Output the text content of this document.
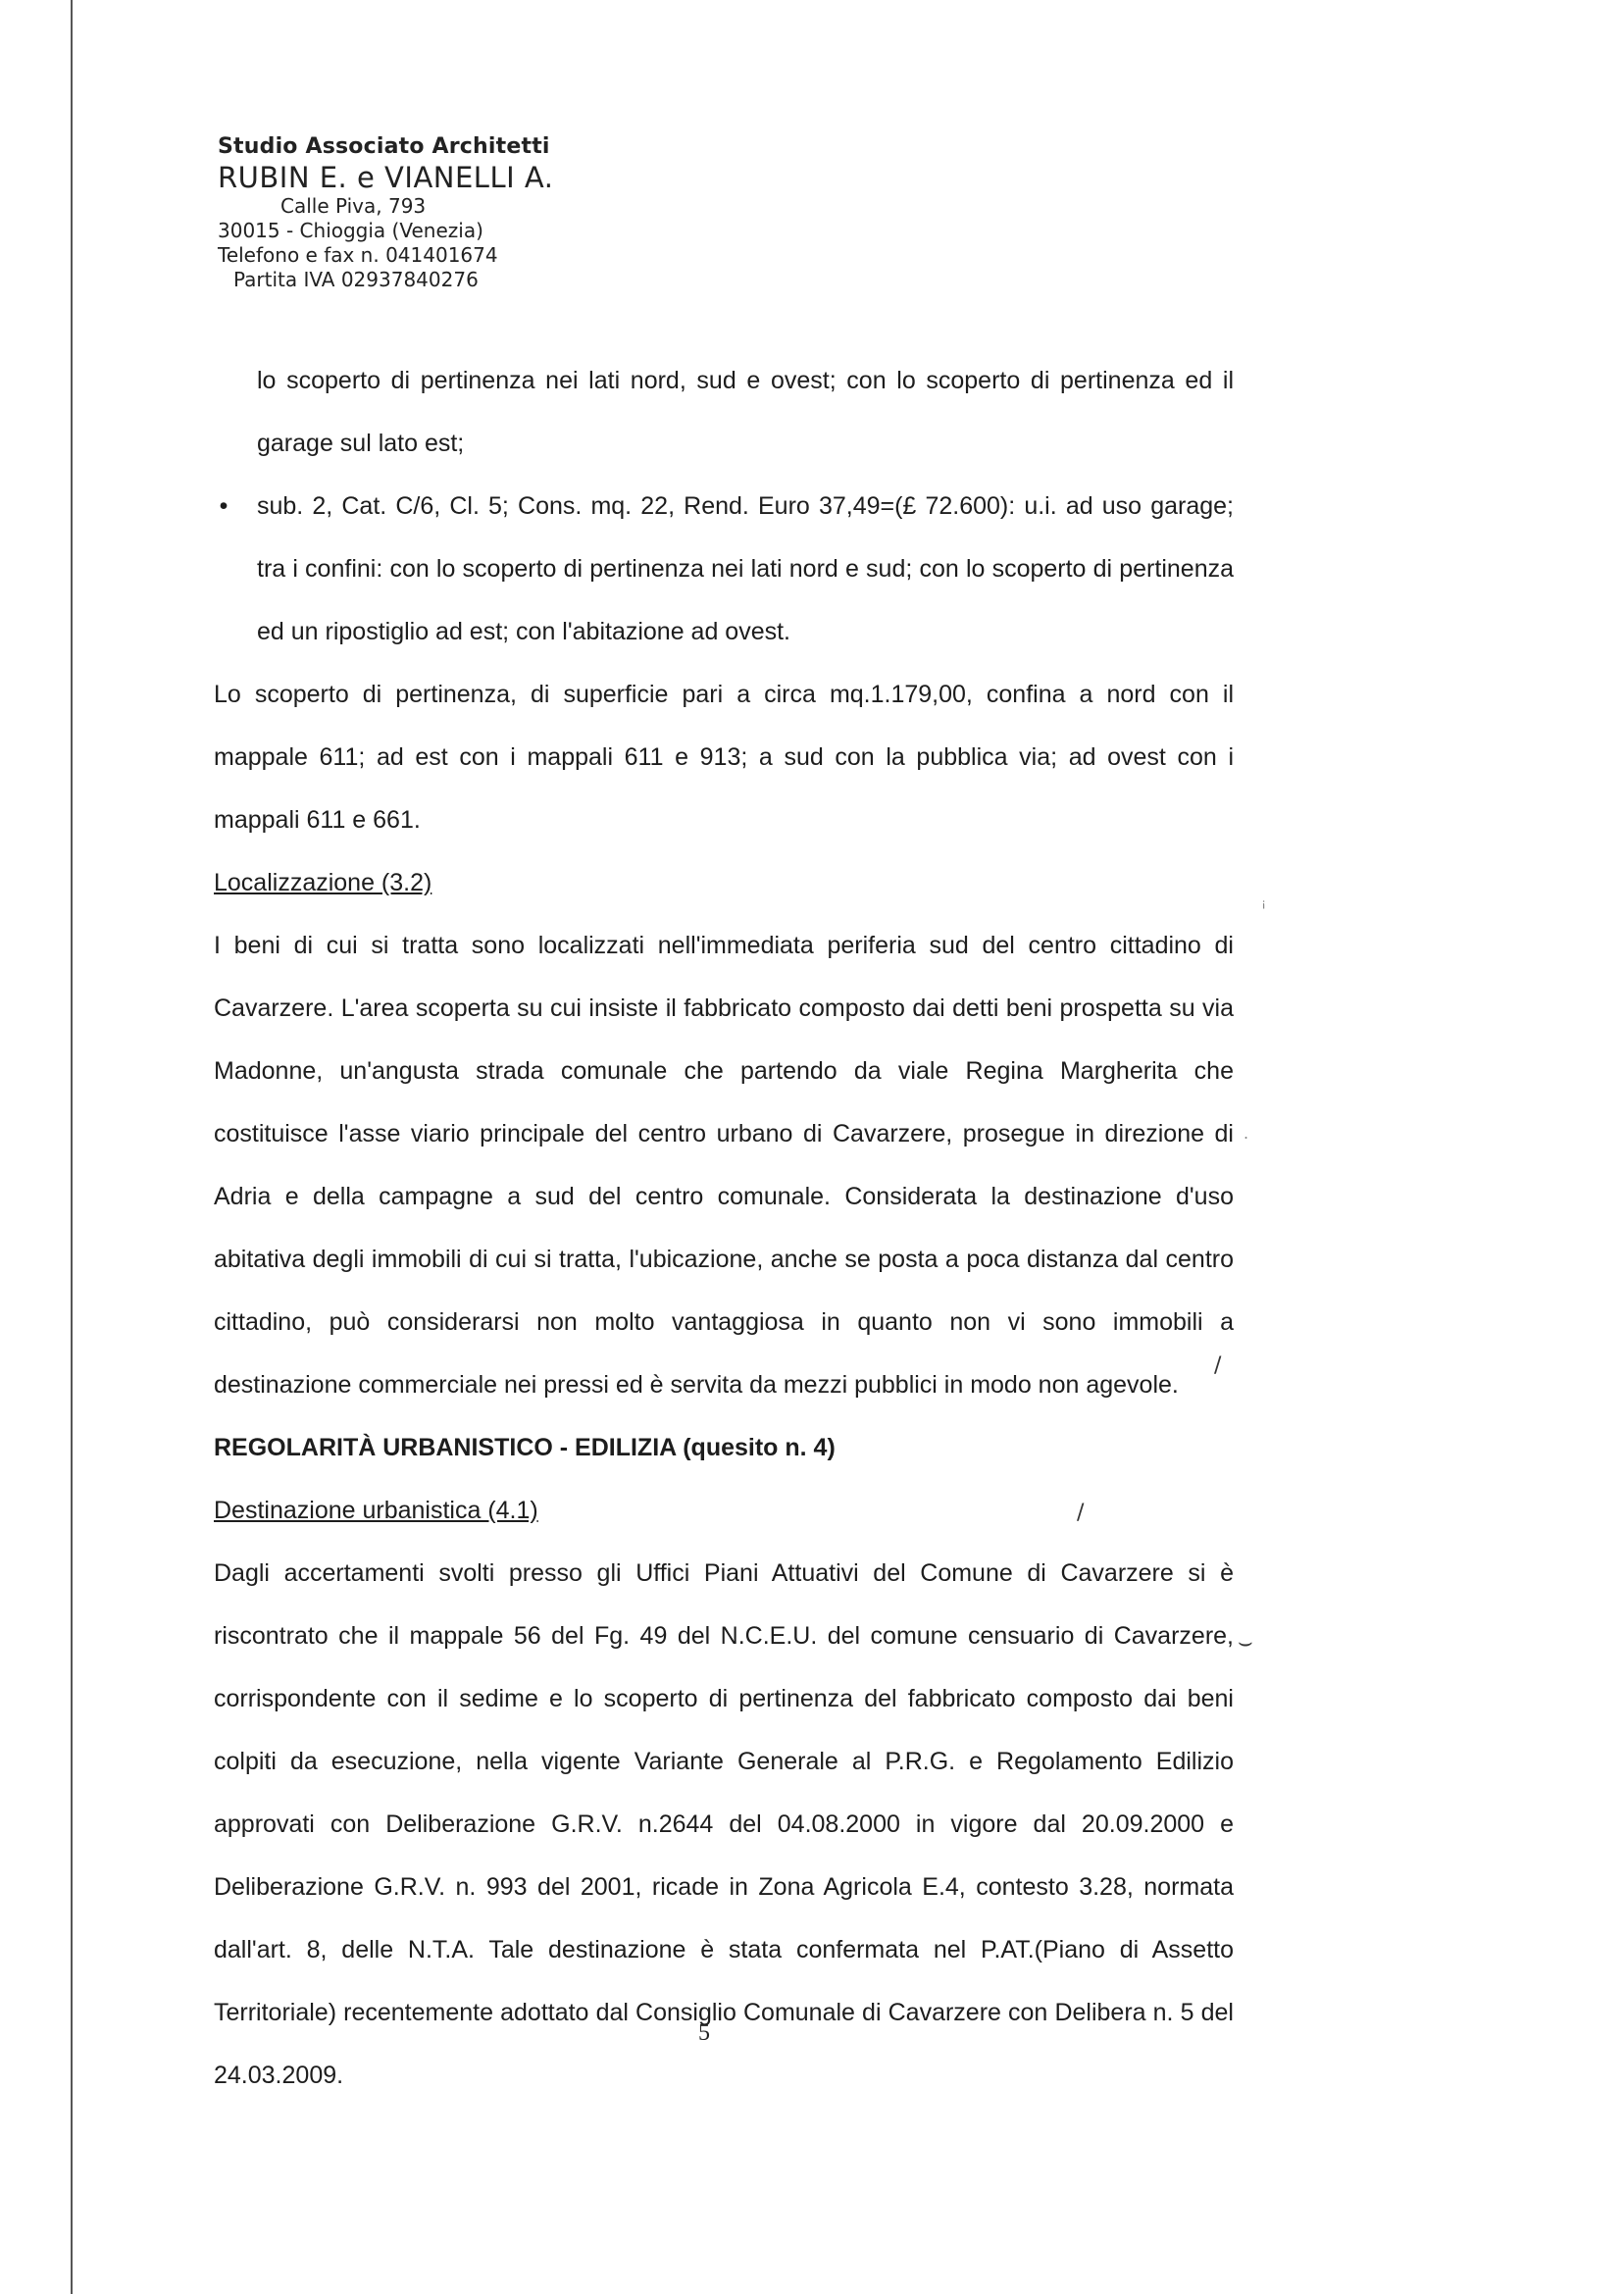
Studio Associato Architetti
RUBIN E. e VIANELLI A.
Calle Piva, 793
30015 - Chioggia (Venezia)
Telefono e fax n. 041401674
Partita IVA 02937840276

lo scoperto di pertinenza nei lati nord, sud e ovest; con lo scoperto di pertinenza ed il garage sul lato est;

• sub. 2, Cat. C/6, Cl. 5; Cons. mq. 22, Rend. Euro 37,49=(£ 72.600): u.i. ad uso garage; tra i confini: con lo scoperto di pertinenza nei lati nord e sud; con lo scoperto di pertinenza ed un ripostiglio ad est; con l'abitazione ad ovest.

Lo scoperto di pertinenza, di superficie pari a circa mq.1.179,00, confina a nord con il mappale 611; ad est con i mappali 611 e 913; a sud con la pubblica via; ad ovest con i mappali 611 e 661.

Localizzazione (3.2)

I beni di cui si tratta sono localizzati nell'immediata periferia sud del centro cittadino di Cavarzere. L'area scoperta su cui insiste il fabbricato composto dai detti beni prospetta su via Madonne, un'angusta strada comunale che partendo da viale Regina Margherita che costituisce l'asse viario principale del centro urbano di Cavarzere, prosegue in direzione di Adria e della campagne a sud del centro comunale. Considerata la destinazione d'uso abitativa degli immobili di cui si tratta, l'ubicazione, anche se posta a poca distanza dal centro cittadino, può considerarsi non molto vantaggiosa in quanto non vi sono immobili a destinazione commerciale nei pressi ed è servita da mezzi pubblici in modo non agevole.

REGOLARITÀ URBANISTICO - EDILIZIA (quesito n. 4)

Destinazione urbanistica (4.1)

Dagli accertamenti svolti presso gli Uffici Piani Attuativi del Comune di Cavarzere si è riscontrato che il mappale 56 del Fg. 49 del N.C.E.U. del comune censuario di Cavarzere, corrispondente con il sedime e lo scoperto di pertinenza del fabbricato composto dai beni colpiti da esecuzione, nella vigente Variante Generale al P.R.G. e Regolamento Edilizio approvati con Deliberazione G.R.V. n.2644 del 04.08.2000 in vigore dal 20.09.2000 e Deliberazione G.R.V. n. 993 del 2001, ricade in Zona Agricola E.4, contesto 3.28, normata dall'art. 8, delle N.T.A. Tale destinazione è stata confermata nel P.AT.(Piano di Assetto Territoriale) recentemente adottato dal Consiglio Comunale di Cavarzere con Delibera n. 5 del 24.03.2009.

5
ꜞ
/
/
⌣
.
